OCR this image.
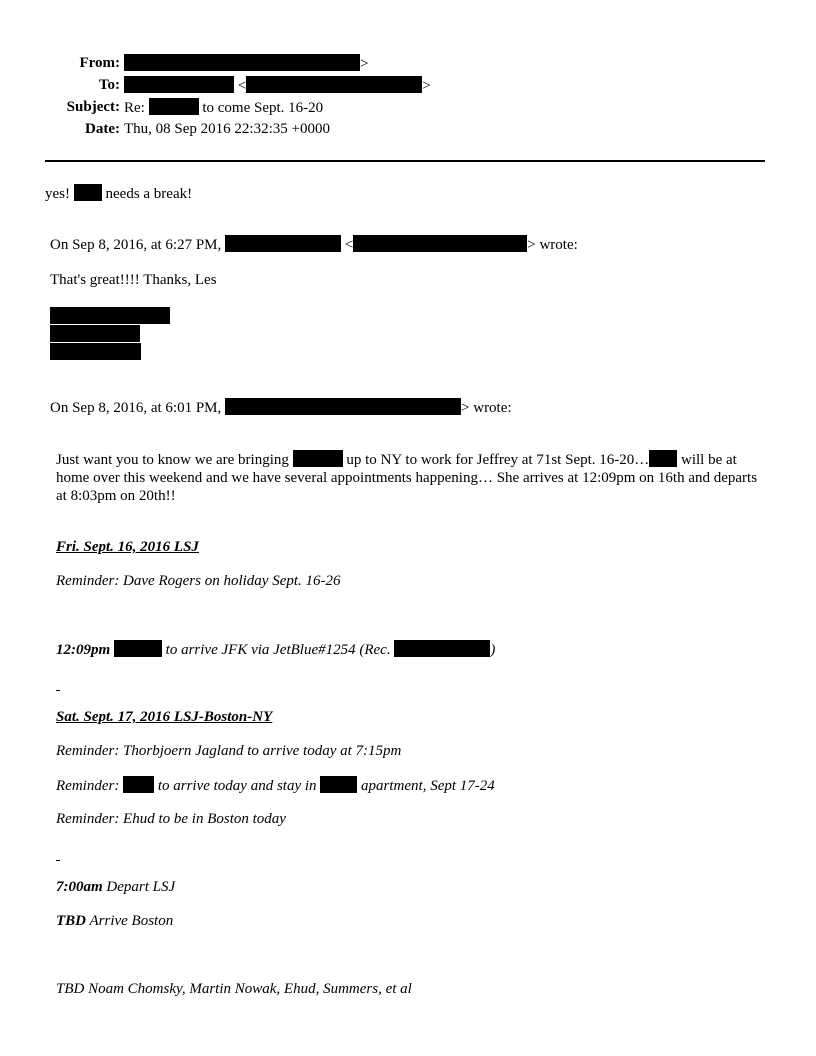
From:	>
To:	<	>
Subject: Re:	to come Sept. 16-20
Date: Thu, 08 Sep 2016 22:32:35 +0000
yes! needs a break!
On Sep 8, 2016, at 6:27 PM,	<	> wrote:
That's great!!!! Thanks, Les
On Sep 8, 2016, at 6:01 PM,	> wrote:
Just want you to know we are bringing	up to NY to work for Jeffrey at 71st Sept. 16-20… will be at home over this weekend and we have several appointments happening… She arrives at 12:09pm on 16th and departs at 8:03pm on 20th!!
Fri. Sept. 16, 2016 LSJ
Reminder: Dave Rogers on holiday Sept. 16-26
12:09pm	to arrive JFK via JetBlue#1254 (Rec.	)
Sat. Sept. 17, 2016 LSJ-Boston-NY
Reminder: Thorbjoern Jagland to arrive today at 7:15pm
Reminder:	to arrive today and stay in	apartment, Sept 17-24
Reminder: Ehud to be in Boston today
7:00am Depart LSJ
TBD Arrive Boston
TBD Noam Chomsky, Martin Nowak, Ehud, Summers, et al
